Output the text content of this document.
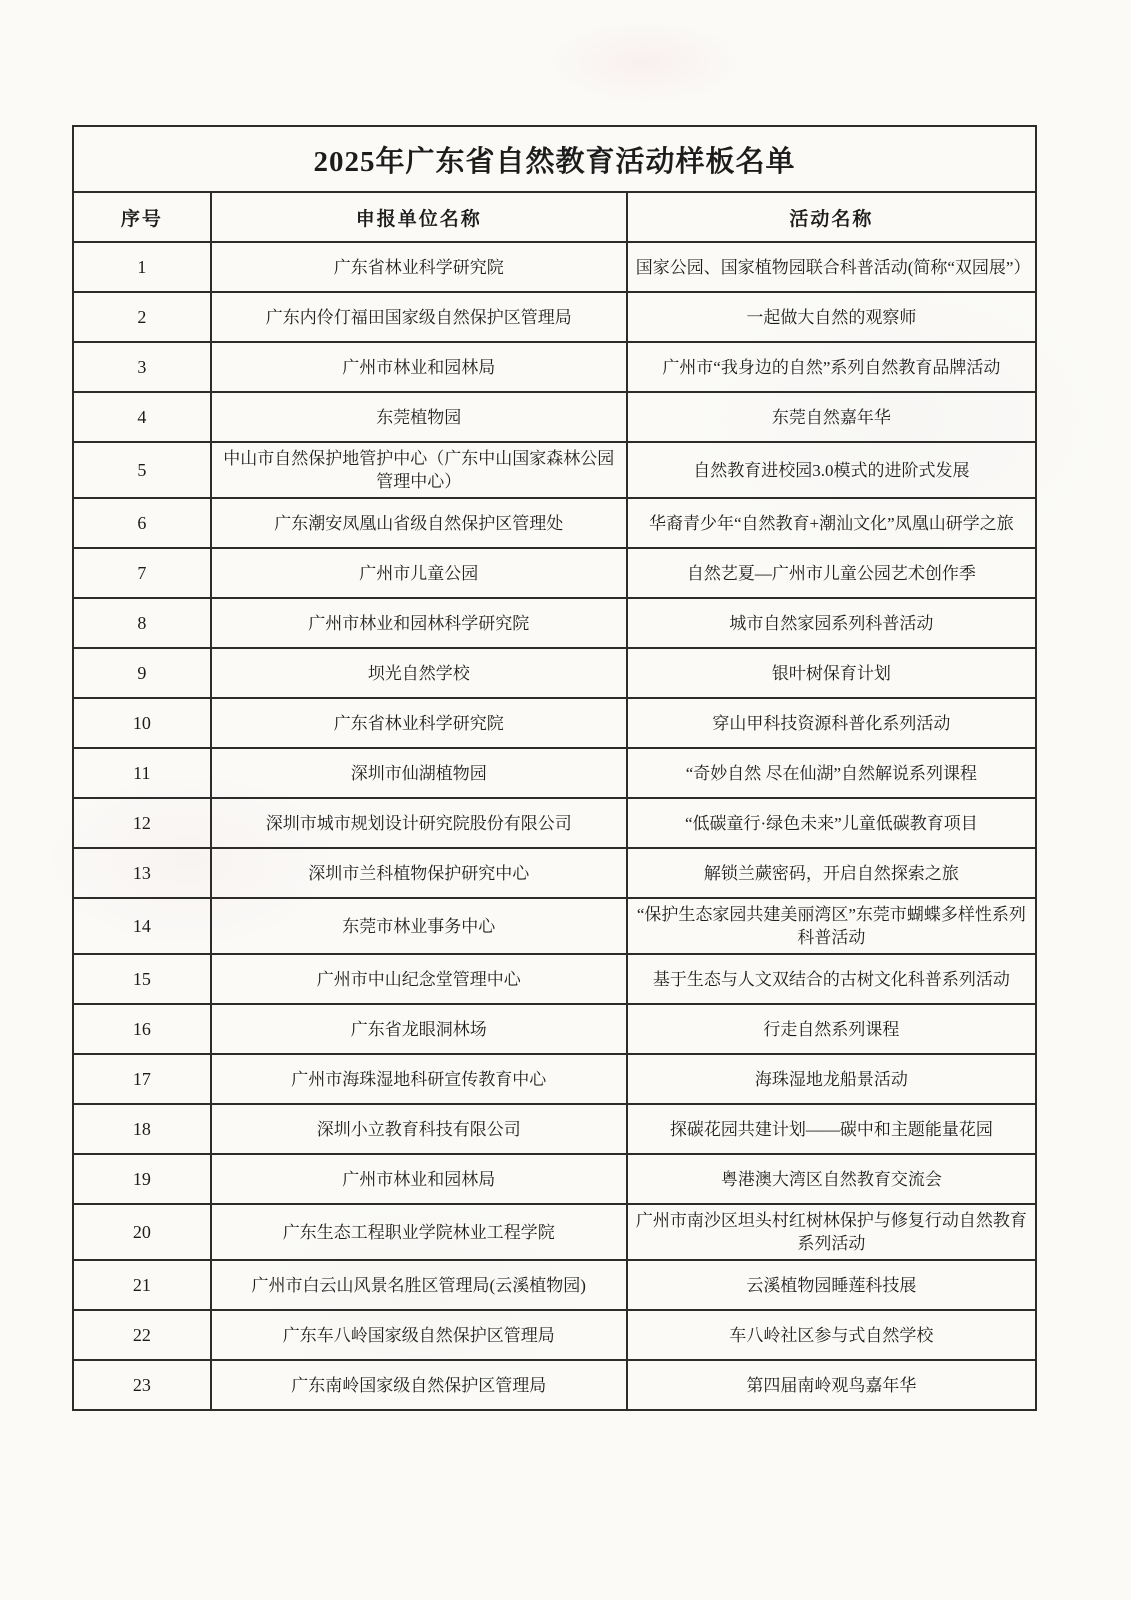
2025年广东省自然教育活动样板名单		
序号	申报单位名称	活动名称
1	广东省林业科学研究院	国家公园、国家植物园联合科普活动(简称“双园展”）
2	广东内伶仃福田国家级自然保护区管理局	一起做大自然的观察师
3	广州市林业和园林局	广州市“我身边的自然”系列自然教育品牌活动
4	东莞植物园	东莞自然嘉年华
5	中山市自然保护地管护中心（广东中山国家森林公园管理中心）	自然教育进校园3.0模式的进阶式发展
6	广东潮安凤凰山省级自然保护区管理处	华裔青少年“自然教育+潮汕文化”凤凰山研学之旅
7	广州市儿童公园	自然艺夏—广州市儿童公园艺术创作季
8	广州市林业和园林科学研究院	城市自然家园系列科普活动
9	坝光自然学校	银叶树保育计划
10	广东省林业科学研究院	穿山甲科技资源科普化系列活动
11	深圳市仙湖植物园	“奇妙自然 尽在仙湖”自然解说系列课程
12	深圳市城市规划设计研究院股份有限公司	“低碳童行·绿色未来”儿童低碳教育项目
13	深圳市兰科植物保护研究中心	解锁兰蕨密码，开启自然探索之旅
14	东莞市林业事务中心	“保护生态家园共建美丽湾区”东莞市蝴蝶多样性系列科普活动
15	广州市中山纪念堂管理中心	基于生态与人文双结合的古树文化科普系列活动
16	广东省龙眼洞林场	行走自然系列课程
17	广州市海珠湿地科研宣传教育中心	海珠湿地龙船景活动
18	深圳小立教育科技有限公司	探碳花园共建计划——碳中和主题能量花园
19	广州市林业和园林局	粤港澳大湾区自然教育交流会
20	广东生态工程职业学院林业工程学院	广州市南沙区坦头村红树林保护与修复行动自然教育系列活动
21	广州市白云山风景名胜区管理局(云溪植物园)	云溪植物园睡莲科技展
22	广东车八岭国家级自然保护区管理局	车八岭社区参与式自然学校
23	广东南岭国家级自然保护区管理局	第四届南岭观鸟嘉年华
